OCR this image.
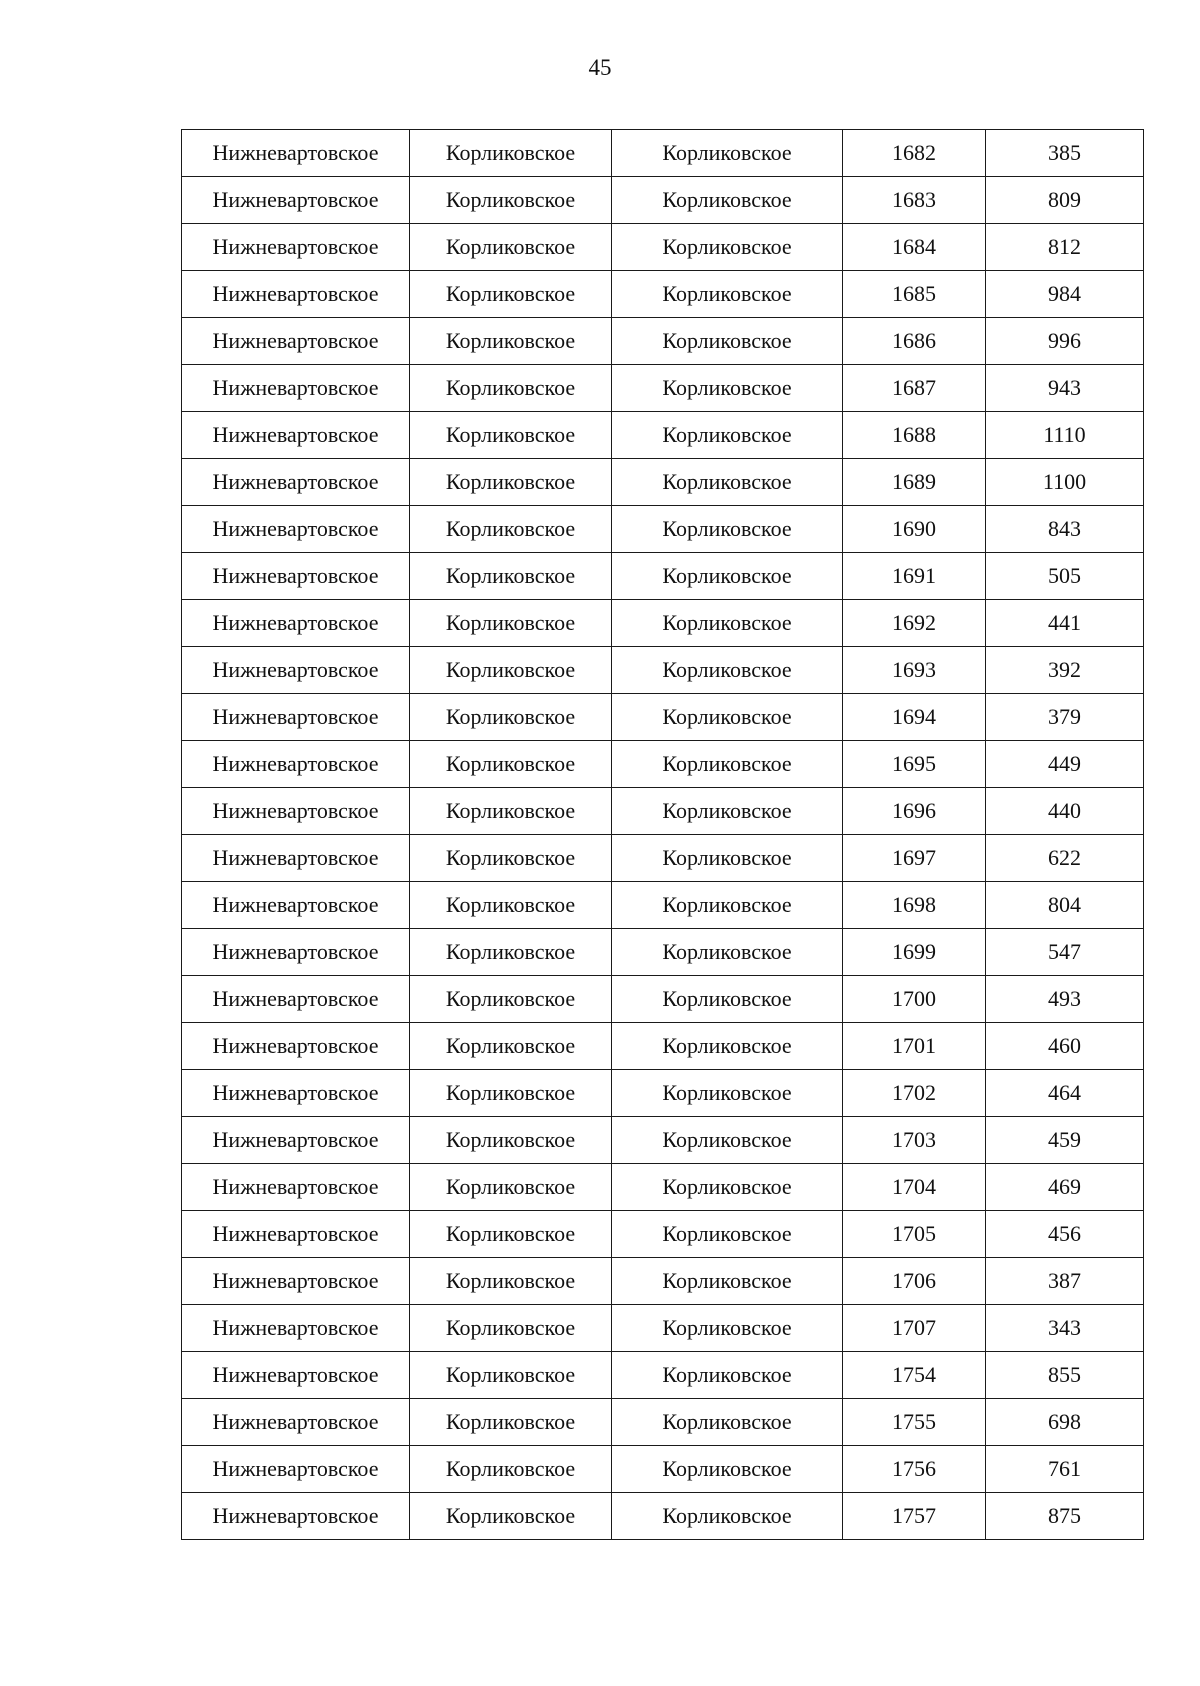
45
Нижневартовское	Корликовское	Корликовское	1682	385
Нижневартовское	Корликовское	Корликовское	1683	809
Нижневартовское	Корликовское	Корликовское	1684	812
Нижневартовское	Корликовское	Корликовское	1685	984
Нижневартовское	Корликовское	Корликовское	1686	996
Нижневартовское	Корликовское	Корликовское	1687	943
Нижневартовское	Корликовское	Корликовское	1688	1110
Нижневартовское	Корликовское	Корликовское	1689	1100
Нижневартовское	Корликовское	Корликовское	1690	843
Нижневартовское	Корликовское	Корликовское	1691	505
Нижневартовское	Корликовское	Корликовское	1692	441
Нижневартовское	Корликовское	Корликовское	1693	392
Нижневартовское	Корликовское	Корликовское	1694	379
Нижневартовское	Корликовское	Корликовское	1695	449
Нижневартовское	Корликовское	Корликовское	1696	440
Нижневартовское	Корликовское	Корликовское	1697	622
Нижневартовское	Корликовское	Корликовское	1698	804
Нижневартовское	Корликовское	Корликовское	1699	547
Нижневартовское	Корликовское	Корликовское	1700	493
Нижневартовское	Корликовское	Корликовское	1701	460
Нижневартовское	Корликовское	Корликовское	1702	464
Нижневартовское	Корликовское	Корликовское	1703	459
Нижневартовское	Корликовское	Корликовское	1704	469
Нижневартовское	Корликовское	Корликовское	1705	456
Нижневартовское	Корликовское	Корликовское	1706	387
Нижневартовское	Корликовское	Корликовское	1707	343
Нижневартовское	Корликовское	Корликовское	1754	855
Нижневартовское	Корликовское	Корликовское	1755	698
Нижневартовское	Корликовское	Корликовское	1756	761
Нижневартовское	Корликовское	Корликовское	1757	875
